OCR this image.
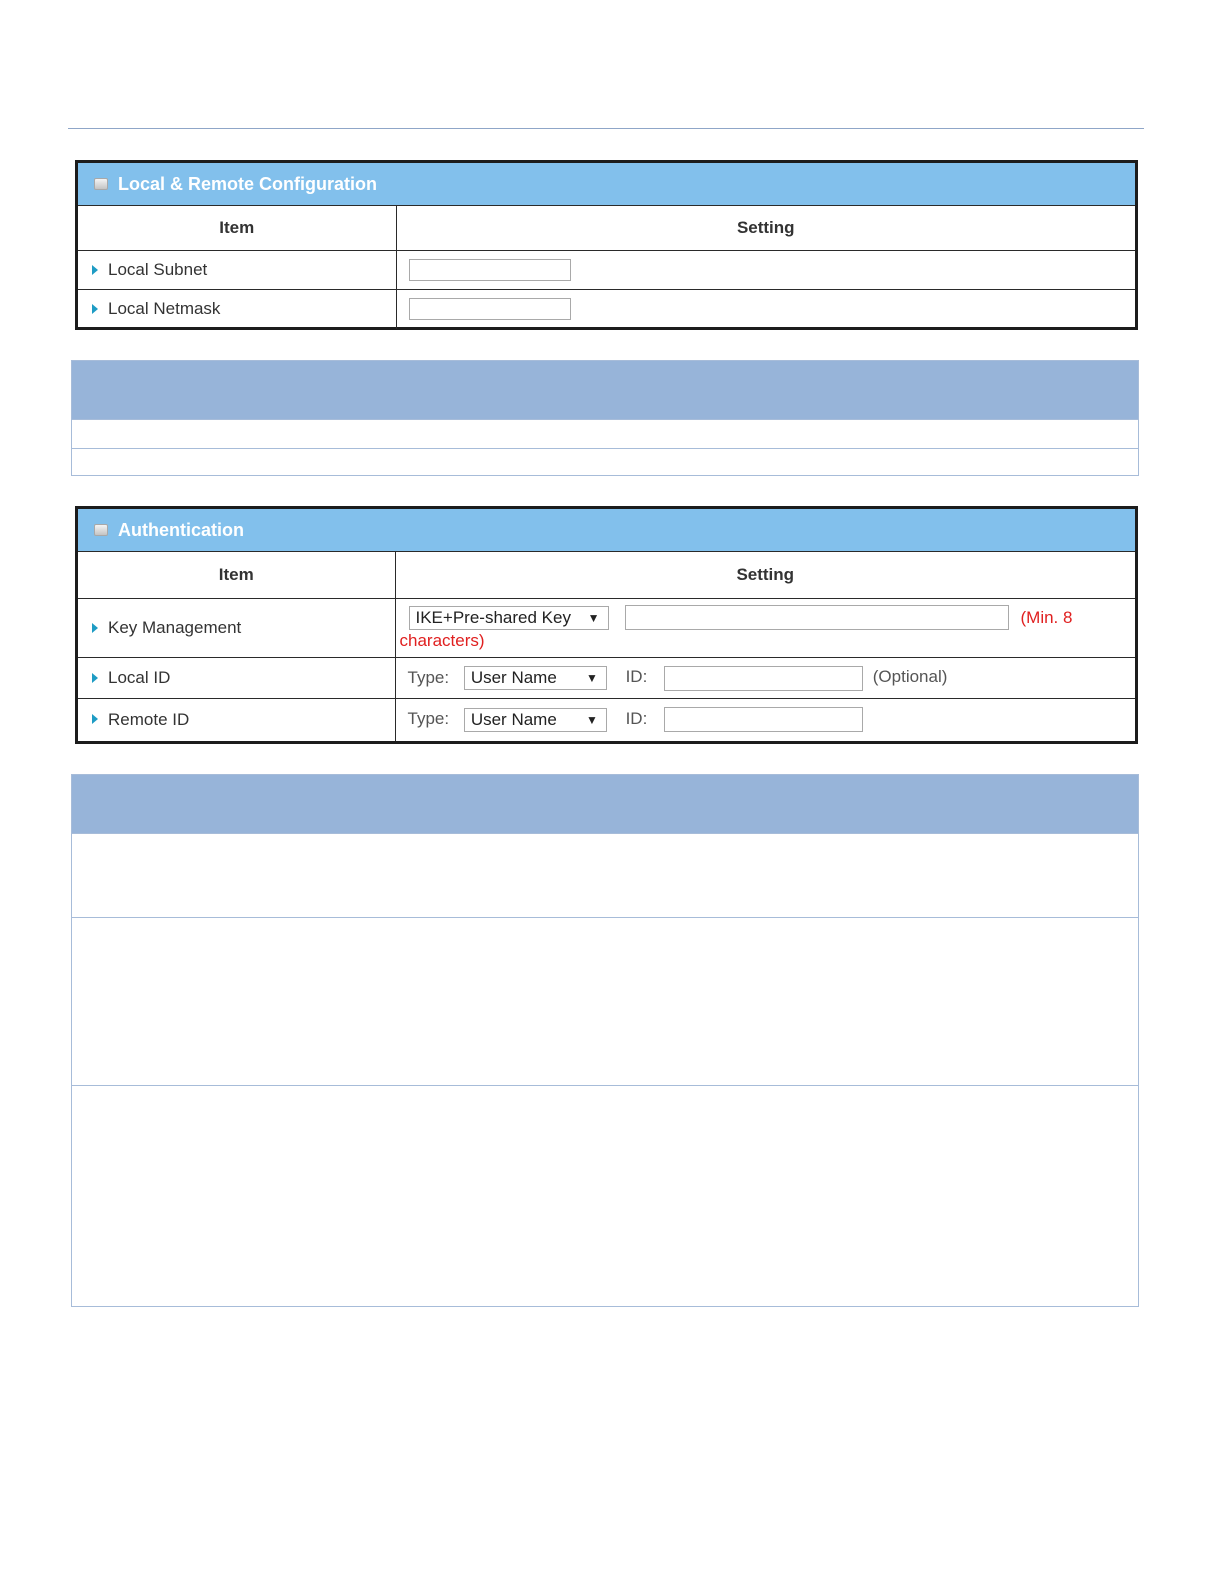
Local & Remote Configuration
Item	Setting
Local Subnet	
Local Netmask	
Authentication
Item	Setting
Key Management	IKE+Pre-shared Key ▼ (Min. 8
characters)

Local ID	Type: User Name ▼ ID: (Optional)
Remote ID	Type: User Name ▼ ID:
